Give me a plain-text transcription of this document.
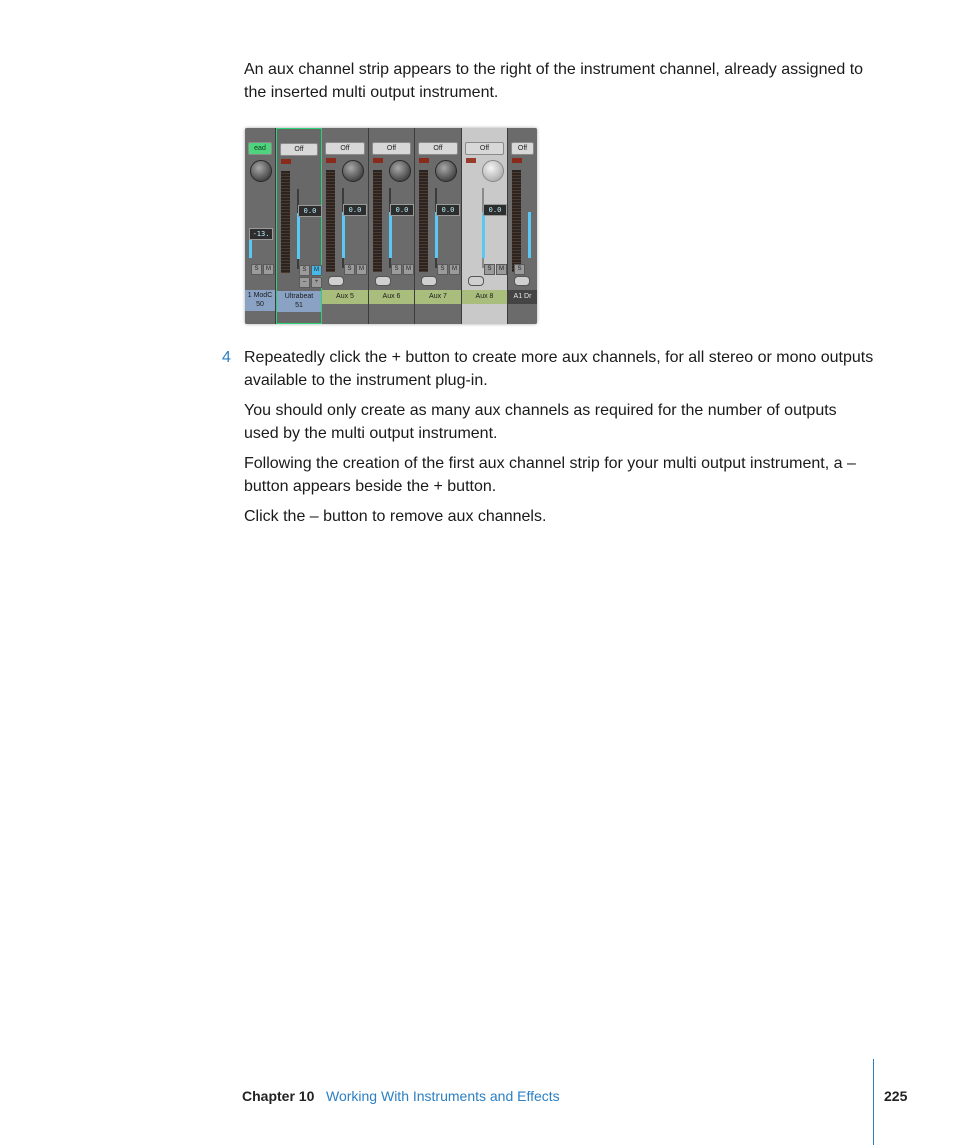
An aux channel strip appears to the right of the instrument channel, already assigned to the inserted multi output instrument.

ead
-13.
S	M
1 ModC
50
Off
0.0
S	M
–	+
Ultrabeat
51
Off
0.0
S	M
Aux 5
Off
0.0
S	M
Aux 6
Off
0.0
S	M
Aux 7
Off
0.0
S	M
Aux 8
Off
S
A1 Dr
4 Repeatedly click the + button to create more aux channels, for all stereo or mono outputs available to the instrument plug-in.

You should only create as many aux channels as required for the number of outputs used by the multi output instrument.

Following the creation of the first aux channel strip for your multi output instrument, a – button appears beside the + button.

Click the – button to remove aux channels.

Chapter 10 Working With Instruments and Effects	225
